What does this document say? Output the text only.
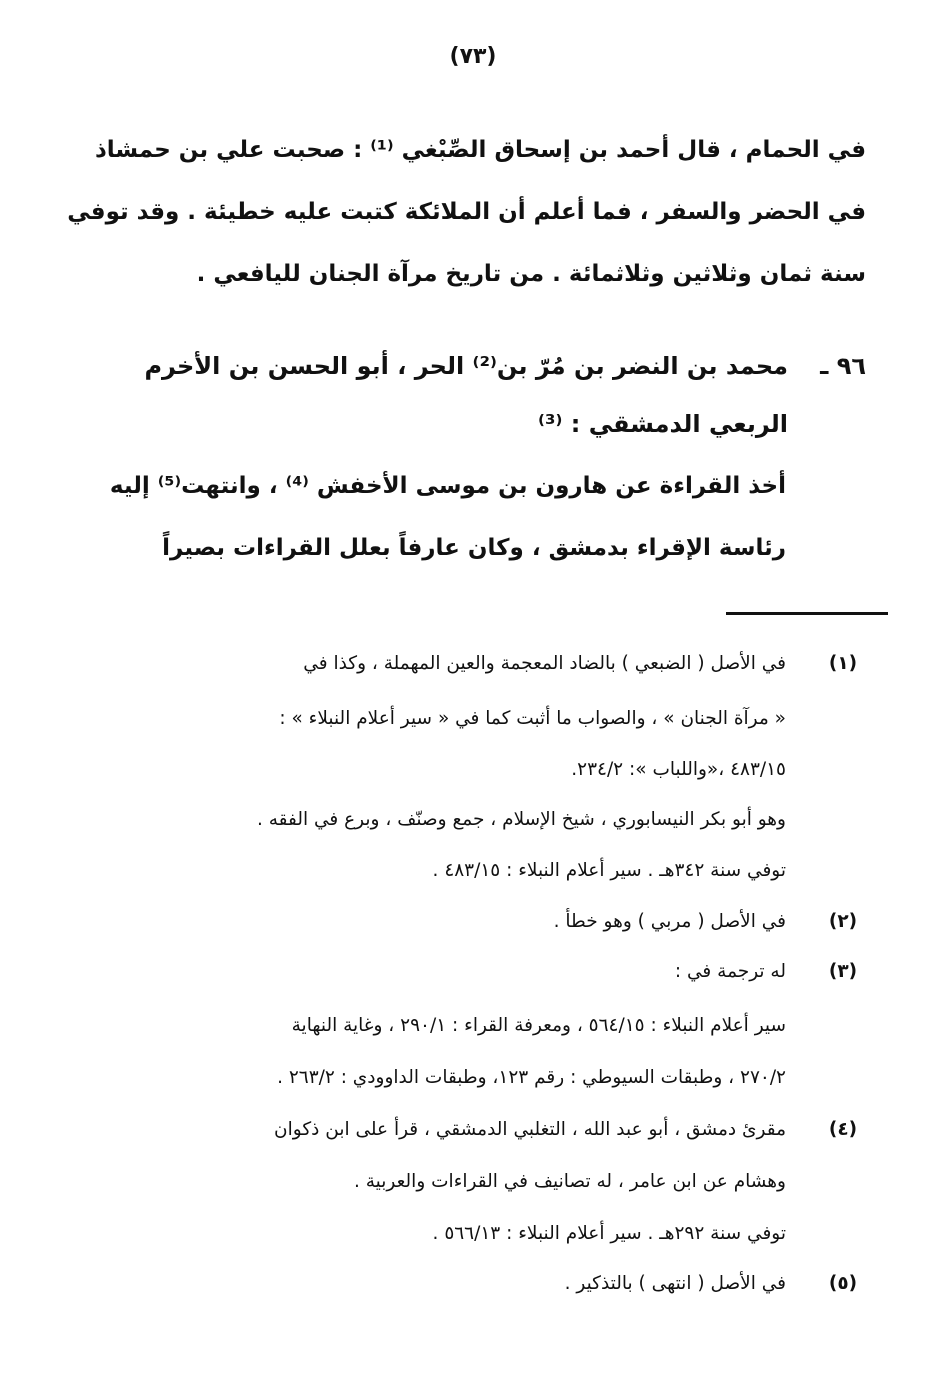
(٧٣)
في الحمام ، قال أحمد بن إسحاق الصِّبْغي ⁽¹⁾ : صحبت علي بن حمشاذ
في الحضر والسفر ، فما أعلم أن الملائكة كتبت عليه خطيئة . وقد توفي
سنة ثمان وثلاثين وثلاثمائة . من تاريخ مرآة الجنان لليافعي .
٩٦ ـ
محمد بن النضر بن مُرّ بن⁽²⁾ الحر ، أبو الحسن بن الأخرم
الربعي الدمشقي : ⁽³⁾
أخذ القراءة عن هارون بن موسى الأخفش ⁽⁴⁾ ، وانتهت⁽⁵⁾ إليه
رئاسة الإقراء بدمشق ، وكان عارفاً بعلل القراءات بصيراً
(١)
في الأصل ( الضبعي ) بالضاد المعجمة والعين المهملة ، وكذا في
« مرآة الجنان » ، والصواب ما أثبت كما في « سير أعلام النبلاء » :
٤٨٣/١٥ ،«واللباب »: ٢٣٤/٢.
وهو أبو بكر النيسابوري ، شيخ الإسلام ، جمع وصنّف ، وبرع في الفقه .
توفي سنة ٣٤٢هـ . سير أعلام النبلاء : ٤٨٣/١٥ .
(٢)
في الأصل ( مربي ) وهو خطأ .
(٣)
له ترجمة في :
سير أعلام النبلاء : ٥٦٤/١٥ ، ومعرفة القراء : ٢٩٠/١ ، وغاية النهاية
٢٧٠/٢ ، وطبقات السيوطي : رقم ١٢٣، وطبقات الداوودي : ٢٦٣/٢ .
(٤)
مقرئ دمشق ، أبو عبد الله ، التغلبي الدمشقي ، قرأ على ابن ذكوان
وهشام عن ابن عامر ، له تصانيف في القراءات والعربية .
توفي سنة ٢٩٢هـ . سير أعلام النبلاء : ٥٦٦/١٣ .
(٥)
في الأصل ( انتهى ) بالتذكير .
